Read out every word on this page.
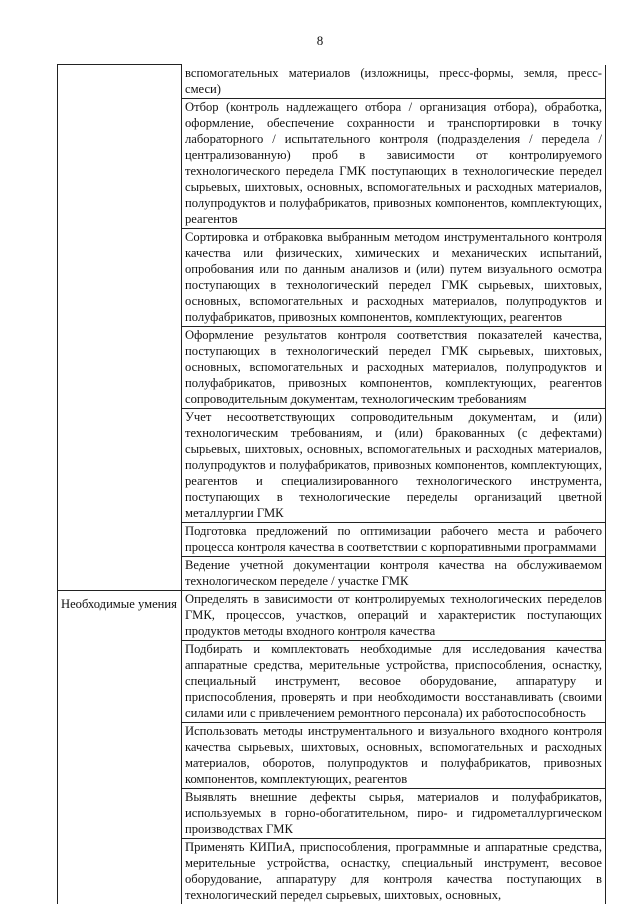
8
	вспомогательных материалов (изложницы, пресс-формы, земля, пресс-смеси)
	Отбор (контроль надлежащего отбора / организация отбора), обработка, оформление, обеспечение сохранности и транспортировки в точку лабораторного / испытательного контроля (подразделения / передела / централизованную) проб в зависимости от контролируемого технологического передела ГМК поступающих в технологические передел сырьевых, шихтовых, основных, вспомогательных и расходных материалов, полупродуктов и полуфабрикатов, привозных компонентов, комплектующих, реагентов
	Сортировка и отбраковка выбранным методом инструментального контроля качества или физических, химических и механических испытаний, опробования или по данным анализов и (или) путем визуального осмотра поступающих в технологический передел ГМК сырьевых, шихтовых, основных, вспомогательных и расходных материалов, полупродуктов и полуфабрикатов, привозных компонентов, комплектующих, реагентов
	Оформление результатов контроля соответствия показателей качества, поступающих в технологический передел ГМК сырьевых, шихтовых, основных, вспомогательных и расходных материалов, полупродуктов и полуфабрикатов, привозных компонентов, комплектующих, реагентов сопроводительным документам, технологическим требованиям
	Учет несоответствующих сопроводительным документам, и (или) технологическим требованиям, и (или) бракованных (с дефектами) сырьевых, шихтовых, основных, вспомогательных и расходных материалов, полупродуктов и полуфабрикатов, привозных компонентов, комплектующих, реагентов и специализированного технологического инструмента, поступающих в технологические переделы организаций цветной металлургии ГМК
	Подготовка предложений по оптимизации рабочего места и рабочего процесса контроля качества в соответствии с корпоративными программами
	Ведение учетной документации контроля качества на обслуживаемом технологическом переделе / участке ГМК
Необходимые умения	Определять в зависимости от контролируемых технологических переделов ГМК, процессов, участков, операций и характеристик поступающих продуктов методы входного контроля качества
	Подбирать и комплектовать необходимые для исследования качества аппаратные средства, мерительные устройства, приспособления, оснастку, специальный инструмент, весовое оборудование, аппаратуру и приспособления, проверять и при необходимости восстанавливать (своими силами или с привлечением ремонтного персонала) их работоспособность
	Использовать методы инструментального и визуального входного контроля качества сырьевых, шихтовых, основных, вспомогательных и расходных материалов, оборотов, полупродуктов и полуфабрикатов, привозных компонентов, комплектующих, реагентов
	Выявлять внешние дефекты сырья, материалов и полуфабрикатов, используемых в горно-обогатительном, пиро- и гидрометаллургическом производствах ГМК
	Применять КИПиА, приспособления, программные и аппаратные средства, мерительные устройства, оснастку, специальный инструмент, весовое оборудование, аппаратуру для контроля качества поступающих в технологический передел сырьевых, шихтовых, основных,
